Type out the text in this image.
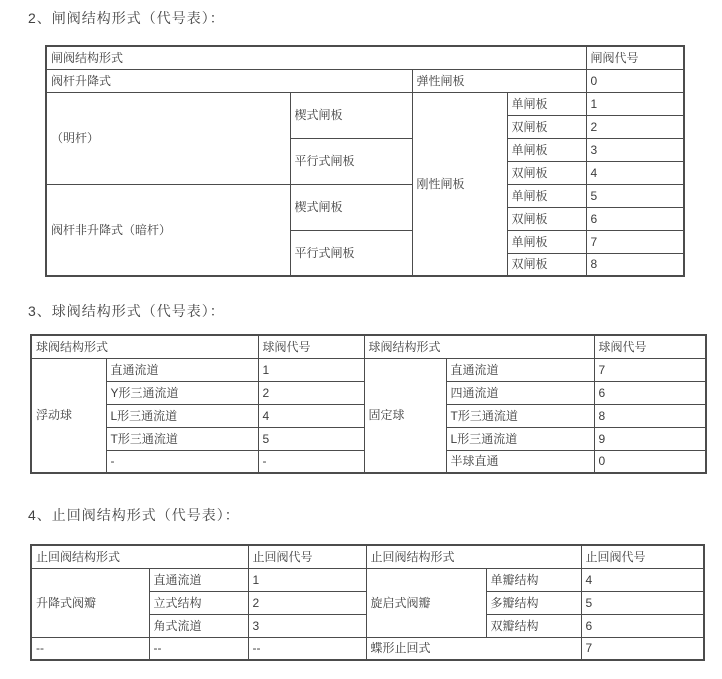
2、闸阀结构形式（代号表）：
闸阀结构形式				闸阀代号
阀杆升降式		弹性闸板		0
（明杆）	楔式闸板	刚性闸板	单闸板	1
			双闸板	2
	平行式闸板		单闸板	3
			双闸板	4
阀杆非升降式（暗杆）	楔式闸板		单闸板	5
			双闸板	6
	平行式闸板		单闸板	7
			双闸板	8
3、球阀结构形式（代号表）：
球阀结构形式		球阀代号	球阀结构形式		球阀代号
浮动球	直通流道	1	固定球	直通流道	7
	Y形三通流道	2		四通流道	6
	L形三通流道	4		T形三通流道	8
	T形三通流道	5		L形三通流道	9
	-	-		半球直通	0
4、止回阀结构形式（代号表）：
止回阀结构形式		止回阀代号	止回阀结构形式		止回阀代号
升降式阀瓣	直通流道	1	旋启式阀瓣	单瓣结构	4
	立式结构	2		多瓣结构	5
	角式流道	3		双瓣结构	6
--	--	--	蝶形止回式		7
